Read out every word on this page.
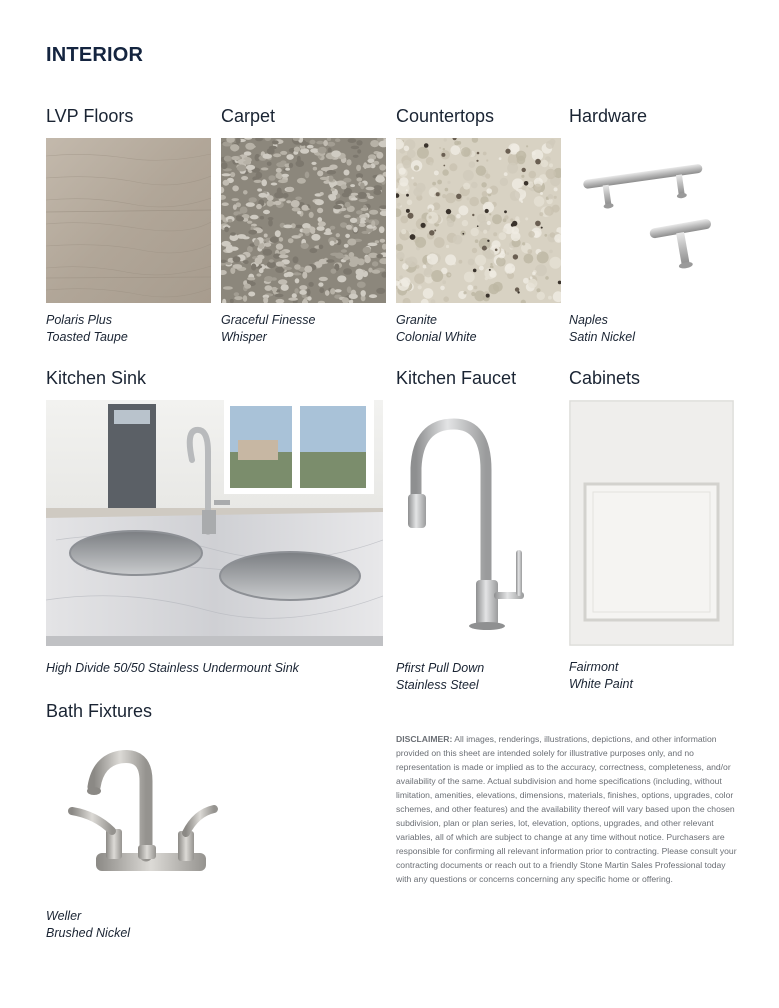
INTERIOR
LVP Floors	Carpet	Countertops	Hardware
Polaris Plus
Toasted Taupe
Graceful Finesse
Whisper
Granite
Colonial White
Naples
Satin Nickel
Kitchen Sink	Kitchen Faucet	Cabinets
High Divide 50/50 Stainless Undermount Sink	Pfirst Pull Down
Stainless Steel
Fairmont
White Paint
Bath Fixtures
Weller
Brushed Nickel
DISCLAIMER: All images, renderings, illustrations, depictions, and other information provided on this sheet are intended solely for illustrative purposes only, and no representation is made or implied as to the accuracy, correctness, completeness, and/or availability of the same. Actual subdivision and home specifications (including, without limitation, amenities, elevations, dimensions, materials, finishes, options, upgrades, color schemes, and other features) and the availability thereof will vary based upon the chosen subdivision, plan or plan series, lot, elevation, options, upgrades, and other relevant variables, all of which are subject to change at any time without notice. Purchasers are responsible for confirming all relevant information prior to contracting. Please consult your contracting documents or reach out to a friendly Stone Martin Sales Professional today with any questions or concerns concerning any specific home or offering.
